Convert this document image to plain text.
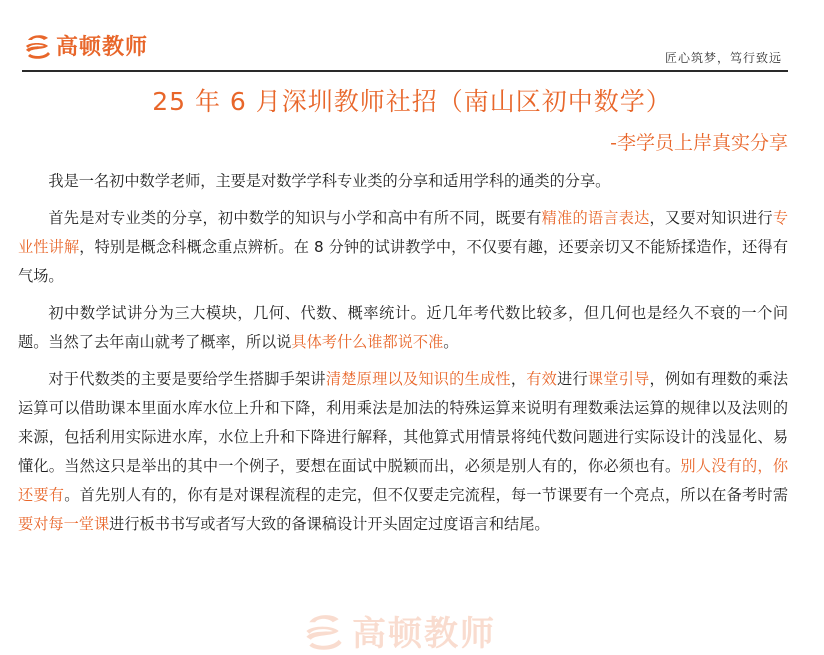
高顿教师	匠心筑梦，笃行致远
25 年 6 月深圳教师社招（南山区初中数学）

-李学员上岸真实分享

我是一名初中数学老师，主要是对数学学科专业类的分享和适用学科的通类的分享。

首先是对专业类的分享，初中数学的知识与小学和高中有所不同，既要有精准的语言表达，又要对知识进行专业性讲解，特别是概念科概念重点辨析。在 8 分钟的试讲教学中，不仅要有趣，还要亲切又不能矫揉造作，还得有气场。

初中数学试讲分为三大模块，几何、代数、概率统计。近几年考代数比较多，但几何也是经久不衰的一个问题。当然了去年南山就考了概率，所以说具体考什么谁都说不准。

对于代数类的主要是要给学生搭脚手架讲清楚原理以及知识的生成性，有效进行课堂引导，例如有理数的乘法运算可以借助课本里面水库水位上升和下降，利用乘法是加法的特殊运算来说明有理数乘法运算的规律以及法则的来源，包括利用实际进水库，水位上升和下降进行解释，其他算式用情景将纯代数问题进行实际设计的浅显化、易懂化。当然这只是举出的其中一个例子，要想在面试中脱颖而出，必须是别人有的，你必须也有。别人没有的，你还要有。首先别人有的，你有是对课程流程的走完，但不仅要走完流程，每一节课要有一个亮点，所以在备考时需要对每一堂课进行板书书写或者写大致的备课稿设计开头固定过度语言和结尾。

高顿教师
